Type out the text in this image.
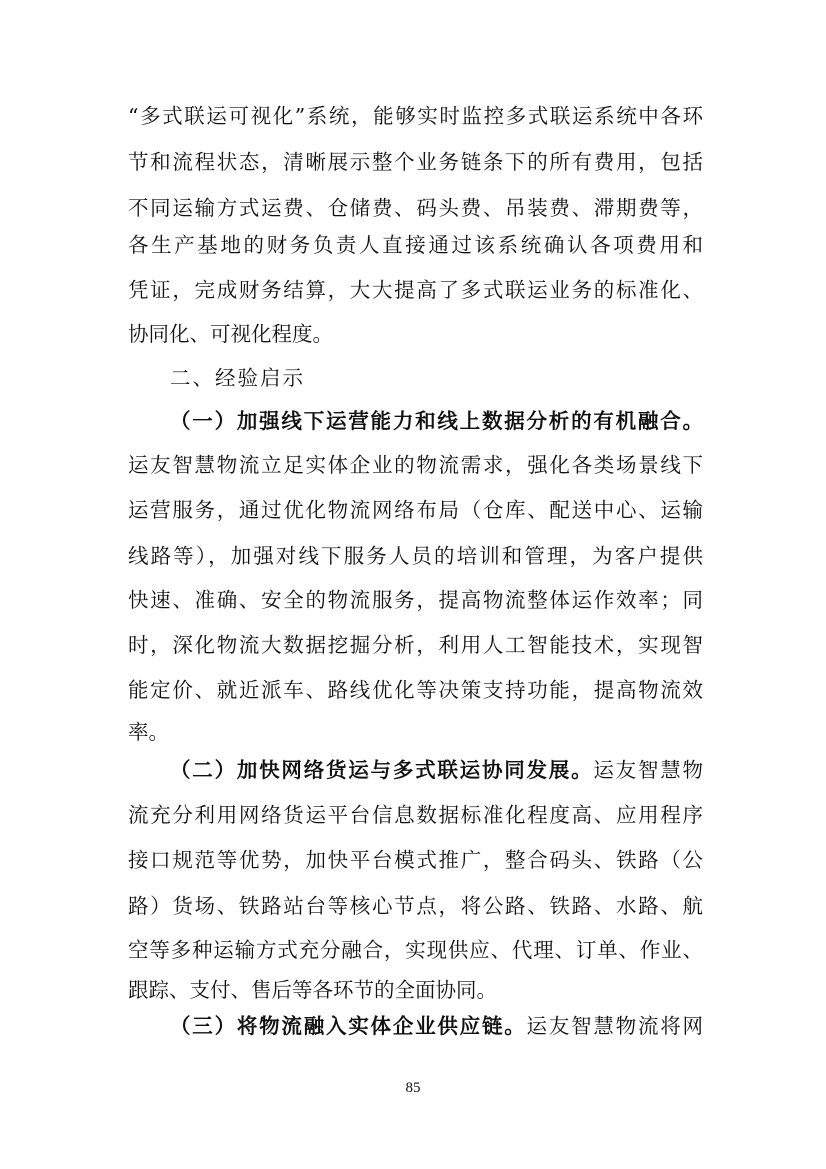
“多式联运可视化”系统，能够实时监控多式联运系统中各环
节和流程状态，清晰展示整个业务链条下的所有费用，包括
不同运输方式运费、仓储费、码头费、吊装费、滞期费等，
各生产基地的财务负责人直接通过该系统确认各项费用和
凭证，完成财务结算，大大提高了多式联运业务的标准化、
协同化、可视化程度。
二、经验启示
（一）加强线下运营能力和线上数据分析的有机融合。
运友智慧物流立足实体企业的物流需求，强化各类场景线下
运营服务，通过优化物流网络布局（仓库、配送中心、运输
线路等），加强对线下服务人员的培训和管理，为客户提供
快速、准确、安全的物流服务，提高物流整体运作效率；同
时，深化物流大数据挖掘分析，利用人工智能技术，实现智
能定价、就近派车、路线优化等决策支持功能，提高物流效
率。
（二）加快网络货运与多式联运协同发展。运友智慧物
流充分利用网络货运平台信息数据标准化程度高、应用程序
接口规范等优势，加快平台模式推广，整合码头、铁路（公
路）货场、铁路站台等核心节点，将公路、铁路、水路、航
空等多种运输方式充分融合，实现供应、代理、订单、作业、
跟踪、支付、售后等各环节的全面协同。
（三）将物流融入实体企业供应链。运友智慧物流将网
85
